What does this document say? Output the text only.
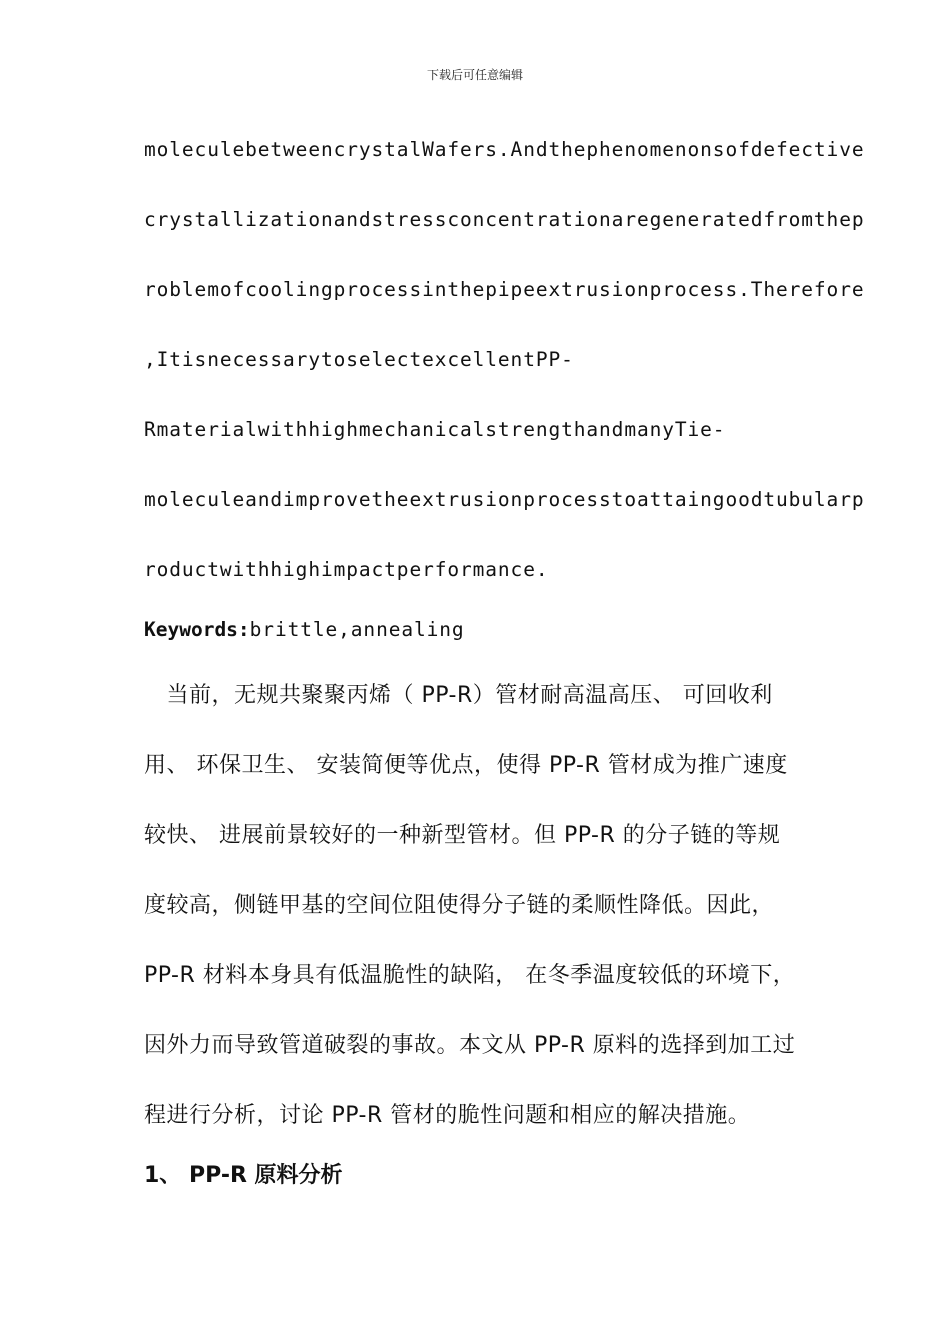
下载后可任意编辑
moleculebetweencrystalWafers.Andthephenomenonsofdefective
crystallizationandstressconcentrationaregeneratedfromthep
roblemofcoolingprocessinthepipeextrusionprocess.Therefore
,ItisnecessarytoselectexcellentPP-
RmaterialwithhighmechanicalstrengthandmanyTie-
moleculeandimprovetheextrusionprocesstoattaingoodtubularp
roductwithhighimpactperformance.
Keywords:brittle,annealing
　当前，无规共聚聚丙烯（ PP-R）管材耐高温高压、 可回收利
用、 环保卫生、 安装简便等优点，使得 PP-R 管材成为推广速度
较快、 进展前景较好的一种新型管材。但 PP-R 的分子链的等规
度较高，侧链甲基的空间位阻使得分子链的柔顺性降低。因此，
PP-R 材料本身具有低温脆性的缺陷， 在冬季温度较低的环境下，
因外力而导致管道破裂的事故。本文从 PP-R 原料的选择到加工过
程进行分析，讨论 PP-R 管材的脆性问题和相应的解决措施。
1、 PP-R 原料分析
